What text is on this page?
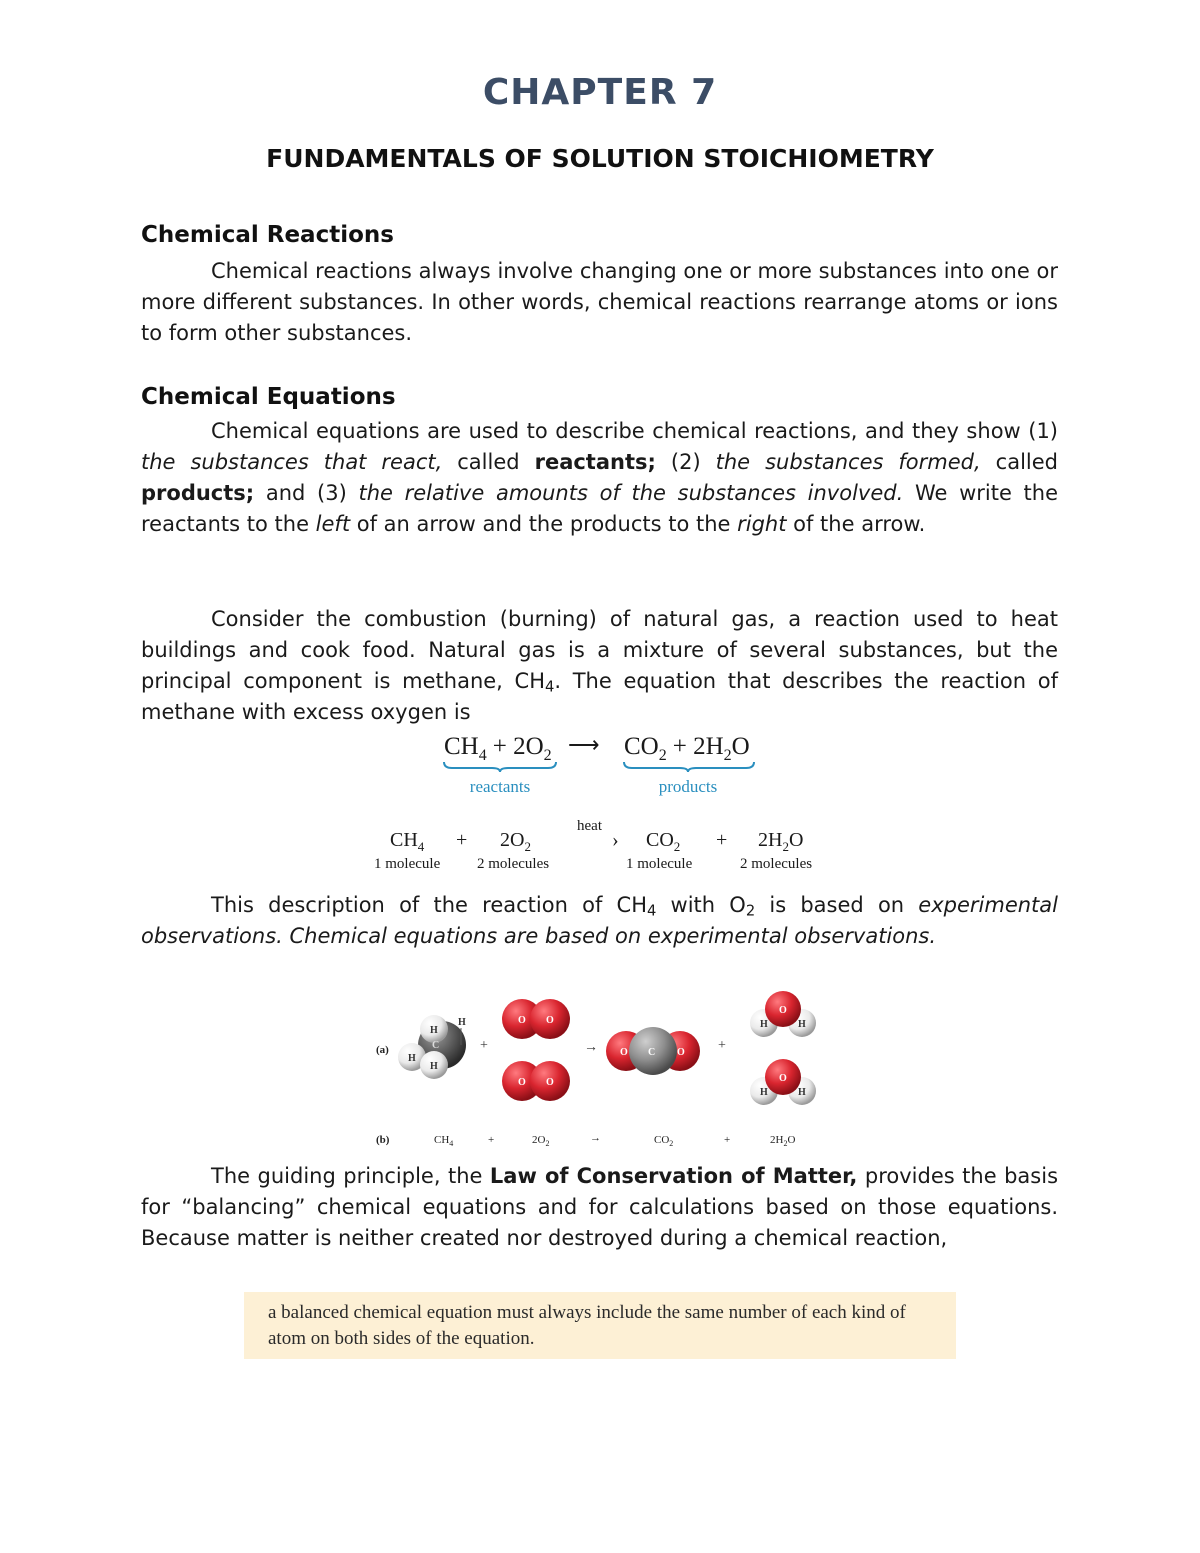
CHAPTER 7
FUNDAMENTALS OF SOLUTION STOICHIOMETRY
Chemical Reactions

Chemical reactions always involve changing one or more substances into one or more different substances. In other words, chemical reactions rearrange atoms or ions to form other substances.

Chemical Equations

Chemical equations are used to describe chemical reactions, and they show (1) the substances that react, called reactants; (2) the substances formed, called products; and (3) the relative amounts of the substances involved. We write the reactants to the left of an arrow and the products to the right of the arrow.

Consider the combustion (burning) of natural gas, a reaction used to heat buildings and cook food. Natural gas is a mixture of several substances, but the principal component is methane, $CH_4$. The equation that describes the reaction of methane with excess oxygen is

$CH_4 + 2O_2$ ⟶ $CO_2 + 2H_2O$
reactants	products
$CH_4 + 2O_2$
heat
› $CO_2 + 2H_2O$
1 molecule 2 molecules	1 molecule	2 molecules

This description of the reaction of $CH_4$ with $O_2$ is based on experimental observations. Chemical equations are based on experimental observations.

H
H
H
C
H
+
O O
O O
→ O C O +
H	H
O
H	H
O
(a)
(b)	$CH_4$	+	$2O_2$	→	$CO_2$	+	$2H_2O$

The guiding principle, the Law of Conservation of Matter, provides the basis for “balancing” chemical equations and for calculations based on those equations. Because matter is neither created nor destroyed during a chemical reaction,

a balanced chemical equation must always include the same number of each kind of atom on both sides of the equation.
